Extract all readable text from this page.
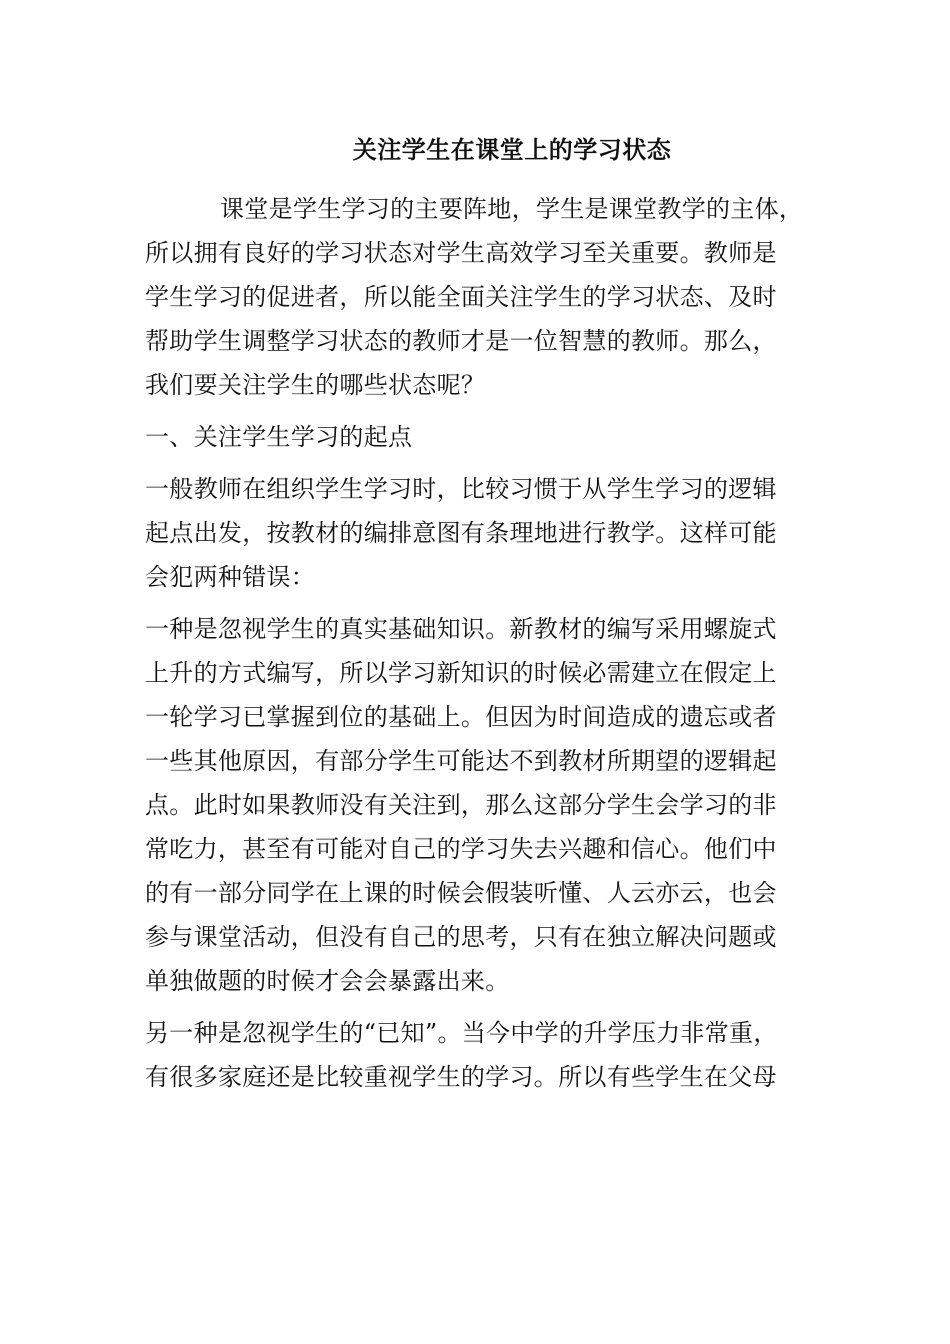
关注学生在课堂上的学习状态
课堂是学生学习的主要阵地，学生是课堂教学的主体，
所以拥有良好的学习状态对学生高效学习至关重要。教师是
学生学习的促进者，所以能全面关注学生的学习状态、及时
帮助学生调整学习状态的教师才是一位智慧的教师。那么，
我们要关注学生的哪些状态呢？
一、关注学生学习的起点
一般教师在组织学生学习时，比较习惯于从学生学习的逻辑
起点出发，按教材的编排意图有条理地进行教学。这样可能
会犯两种错误：
一种是忽视学生的真实基础知识。新教材的编写采用螺旋式
上升的方式编写，所以学习新知识的时候必需建立在假定上
一轮学习已掌握到位的基础上。但因为时间造成的遗忘或者
一些其他原因，有部分学生可能达不到教材所期望的逻辑起
点。此时如果教师没有关注到，那么这部分学生会学习的非
常吃力，甚至有可能对自己的学习失去兴趣和信心。他们中
的有一部分同学在上课的时候会假装听懂、人云亦云，也会
参与课堂活动，但没有自己的思考，只有在独立解决问题或
单独做题的时候才会会暴露出来。
另一种是忽视学生的“已知”。当今中学的升学压力非常重，
有很多家庭还是比较重视学生的学习。所以有些学生在父母
